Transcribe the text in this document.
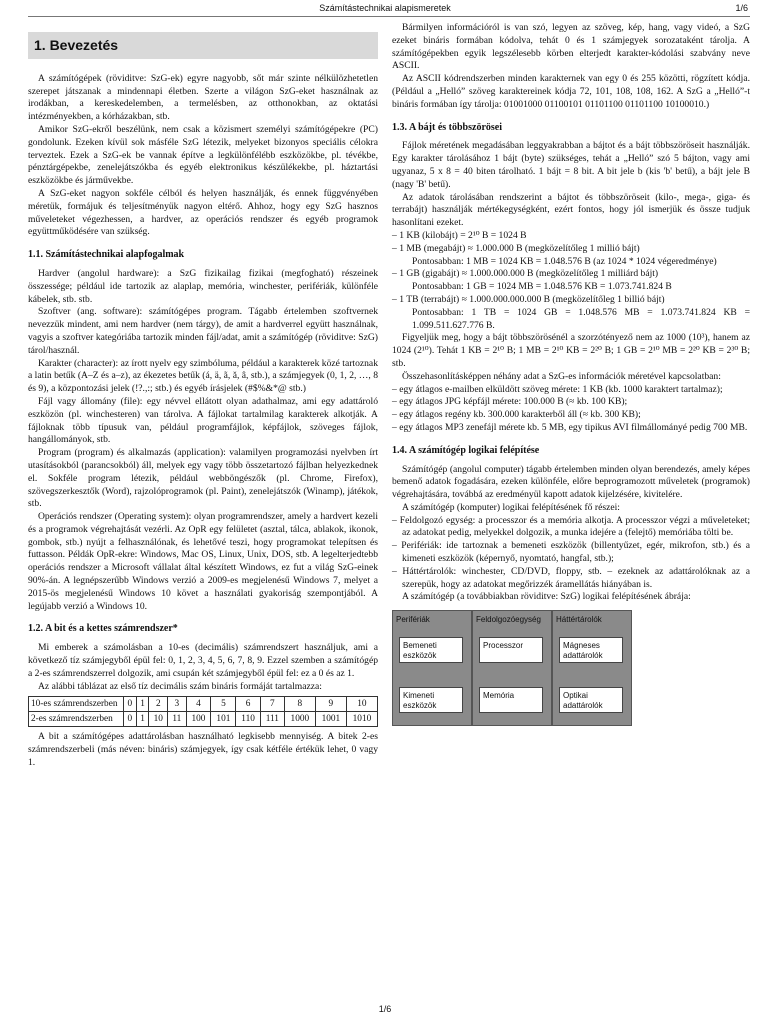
Számítástechnikai alapismeretek	1/6
1. Bevezetés

A számítógépek (röviditve: SzG-ek) egyre nagyobb, sőt már szinte nélkülözhetetlen szerepet játszanak a mindennapi életben. Szerte a világon SzG-eket használnak az irodákban, a kereskedelemben, a termelésben, az otthonokban, az oktatási intézményekben, a kórházakban, stb.

Amikor SzG-ekről beszélünk, nem csak a közismert személyi számítógépekre (PC) gondolunk. Ezeken kívül sok másféle SzG létezik, melyeket bizonyos speciális célokra terveztek. Ezek a SzG-ek be vannak építve a legkülönfélébb eszközökbe, pl. tévékbe, pénztárgépekbe, zenelejátszókba és egyéb elektronikus készülékekbe, pl. háztartási eszközökbe és járművekbe.

A SzG-eket nagyon sokféle célból és helyen használják, és ennek függvényében méretük, formájuk és teljesítményük nagyon eltérő. Ahhoz, hogy egy SzG hasznos műveleteket végezhessen, a hardver, az operációs rendszer és egyéb programok együttműködésére van szükség.

1.1. Számítástechnikai alapfogalmak

Hardver (angolul hardware): a SzG fizikailag fizikai (megfogható) részeinek összessége; például ide tartozik az alaplap, memória, winchester, perifériák, különféle kábelek, stb. stb.

Szoftver (ang. software): számítógépes program. Tágabb értelemben szoftvernek nevezzük mindent, ami nem hardver (nem tárgy), de amit a hardverrel együtt használnak, vagyis a szoftver kategóriába tartozik minden fájl/adat, amit a számítógép (röviditve: SzG) tárol/használ.

Karakter (character): az írott nyelv egy szimbóluma, például a karakterek közé tartoznak a latin betűk (A–Z és a–z), az ékezetes betűk (á, ä, ã, ă, â, stb.), a számjegyek (0, 1, 2, …, 8 és 9), a központozási jelek (!?.,:; stb.) és egyéb írásjelek (#$%&*@ stb.)

Fájl vagy állomány (file): egy névvel ellátott olyan adathalmaz, ami egy adattároló eszközön (pl. winchesteren) van tárolva. A fájlokat tartalmilag karakterek alkotják. A fájloknak több típusuk van, például programfájlok, képfájlok, szöveges fájlok, hangállományok, stb.

Program (program) és alkalmazás (application): valamilyen programozási nyelvben írt utasításokból (parancsokból) áll, melyek egy vagy több összetartozó fájlban helyezkednek el. Sokféle program létezik, például webböngészők (pl. Chrome, Firefox), szövegszerkesztők (Word), rajzolóprogramok (pl. Paint), zenelejátszók (Winamp), játékok, stb.

Operációs rendszer (Operating system): olyan programrendszer, amely a hardvert kezeli és a programok végrehajtását vezérli. Az OpR egy felületet (asztal, tálca, ablakok, ikonok, gombok, stb.) nyújt a felhasználónak, és lehetővé teszi, hogy programokat telepítsen és futtasson. Példák OpR-ekre: Windows, Mac OS, Linux, Unix, DOS, stb. A legelterjedtebb operációs rendszer a Microsoft vállalat által készített Windows, ez fut a világ SzG-einek 90%-án. A legnépszerűbb Windows verzió a 2009-es megjelenésű Windows 7, melyet a 2015-ös megjelenésű Windows 10 követ a használati gyakoriság szempontjából. A legújabb verzió a Windows 10.

1.2. A bit és a kettes számrendszer*

Mi emberek a számolásban a 10-es (decimális) számrendszert használjuk, ami a következő tíz számjegyből épül fel: 0, 1, 2, 3, 4, 5, 6, 7, 8, 9. Ezzel szemben a számítógép a 2-es számrendszerrel dolgozik, ami csupán két számjegyből épül fel: ez a 0 és az 1.

Az alábbi táblázat az első tíz decimális szám bináris formáját tartalmazza:

10-es számrendszerben	0	1	2	3	4	5	6	7	8	9	10
2-es számrendszerben	0	1	10	11	100	101	110	111	1000	1001	1010

A bit a számítógépes adattárolásban használható legkisebb mennyiség. A bitek 2-es számrendszerbeli (más néven: bináris) számjegyek, így csak kétféle értékük lehet, 0 vagy 1.

Bármilyen információról is van szó, legyen az szöveg, kép, hang, vagy videó, a SzG ezeket bináris formában kódolva, tehát 0 és 1 számjegyek sorozataként tárolja. A számítógépekben egyik legszélesebb körben elterjedt karakter-kódolási szabvány neve ASCII.

Az ASCII kódrendszerben minden karakternek van egy 0 és 255 közötti, rögzített kódja. (Például a „Helló” szöveg karaktereinek kódja 72, 101, 108, 108, 162. A SzG a „Helló”-t bináris formában így tárolja: 01001000 01100101 01101100 01101100 10100010.)

1.3. A bájt és többszörösei

Fájlok méretének megadásában leggyakrabban a bájtot és a bájt többszöröseit használják. Egy karakter tárolásához 1 bájt (byte) szükséges, tehát a „Helló” szó 5 bájton, vagy ami ugyanaz, 5 x 8 = 40 biten tárolható. 1 bájt = 8 bit. A bit jele b (kis 'b' betű), a bájt jele B (nagy 'B' betű).

Az adatok tárolásában rendszerint a bájtot és többszöröseit (kilo-, mega-, giga- és terrabájt) használják mértékegységként, ezért fontos, hogy jól ismerjük és össze tudjuk hasonlítani ezeket.

– 1 KB (kilobájt) = 2¹⁰ B = 1024 B
– 1 MB (megabájt) ≈ 1.000.000 B (megközelítőleg 1 millió bájt)
Pontosabban: 1 MB = 1024 KB = 1.048.576 B (az 1024 * 1024 végeredménye)
– 1 GB (gigabájt) ≈ 1.000.000.000 B (megközelítőleg 1 milliárd bájt)
Pontosabban: 1 GB = 1024 MB = 1.048.576 KB = 1.073.741.824 B
– 1 TB (terrabájt) ≈ 1.000.000.000.000 B (megközelítőleg 1 billió bájt)
Pontosabban: 1 TB = 1024 GB = 1.048.576 MB = 1.073.741.824 KB = 1.099.511.627.776 B.

Figyeljük meg, hogy a bájt többszörösénél a szorzótényező nem az 1000 (10³), hanem az 1024 (2¹⁰). Tehát 1 KB = 2¹⁰ B; 1 MB = 2¹⁰ KB = 2²⁰ B; 1 GB = 2¹⁰ MB = 2²⁰ KB = 2³⁰ B; stb.

Összehasonlításképpen néhány adat a SzG-es információk méretével kapcsolatban:

– egy átlagos e-mailben elküldött szöveg mérete: 1 KB (kb. 1000 karaktert tartalmaz);
– egy átlagos JPG képfájl mérete: 100.000 B (≈ kb. 100 KB);
– egy átlagos regény kb. 300.000 karakterből áll (≈ kb. 300 KB);
– egy átlagos MP3 zenefájl mérete kb. 5 MB, egy tipikus AVI filmállományé pedig 700 MB.
1.4. A számítógép logikai felépítése

Számítógép (angolul computer) tágabb értelemben minden olyan berendezés, amely képes bemenő adatok fogadására, ezeken különféle, előre beprogramozott műveletek (programok) végrehajtására, továbbá az eredményül kapott adatok kijelzésére, kivitelére.

A számítógép (komputer) logikai felépítésének fő részei:

– Feldolgozó egység: a processzor és a memória alkotja. A processzor végzi a műveleteket; az adatokat pedig, melyekkel dolgozik, a munka idejére a (felejtő) memóriába tölti be.
– Perifériák: ide tartoznak a bemeneti eszközök (billentyűzet, egér, mikrofon, stb.) és a kimeneti eszközök (képernyő, nyomtató, hangfal, stb.);
– Háttértárolók: winchester, CD/DVD, floppy, stb. – ezeknek az adattárolóknak az a szerepük, hogy az adatokat megőrizzék áramellátás hiányában is.

A számítógép (a továbbiakban röviditve: SzG) logikai felépítésének ábrája:

Perifériák
Bemeneti eszközök
Kimeneti eszközök
Feldolgozóegység
Processzor
Memória
Háttértárolók
Mágneses adattárolók
Optikai adattárolók
1/6
